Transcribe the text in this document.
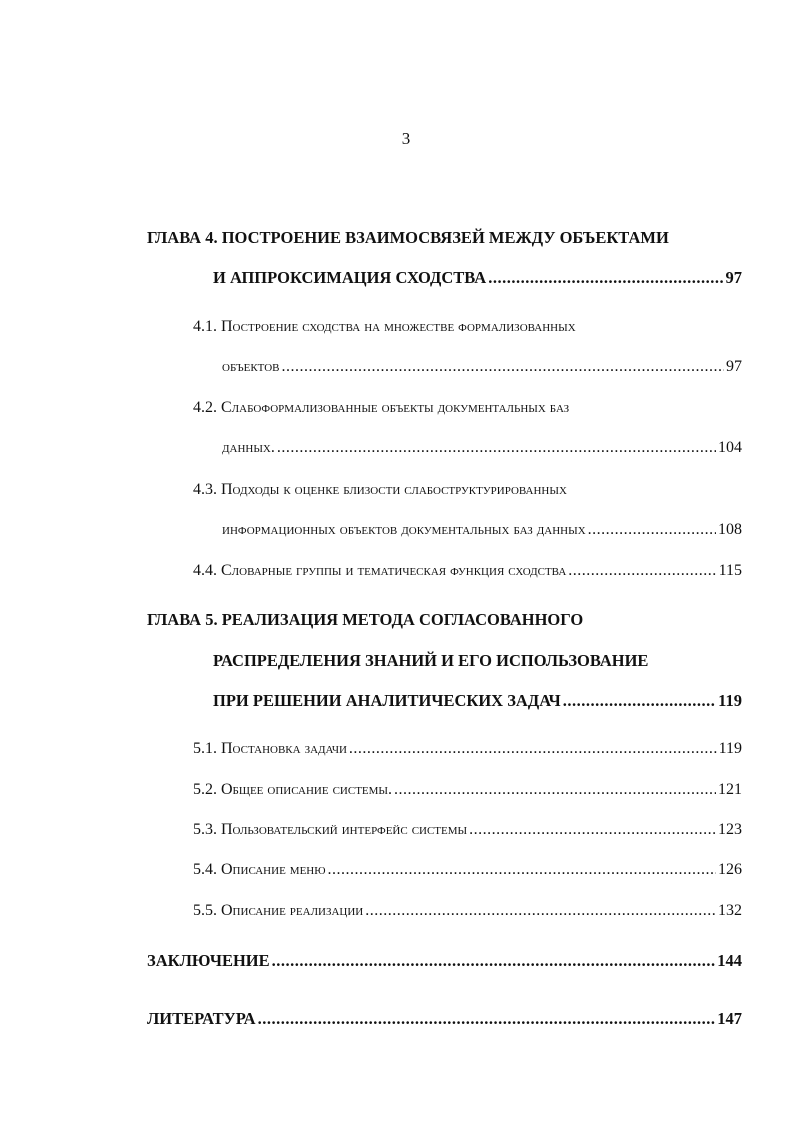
3
ГЛАВА 4. ПОСТРОЕНИЕ ВЗАИМОСВЯЗЕЙ МЕЖДУ ОБЪЕКТАМИ
И АППРОКСИМАЦИЯ СХОДСТВА .....	97
4.1. Построение сходства на множестве формализованных
объектов .....	97
4.2. Слабоформализованные объекты документальных баз
данных. .....	104
4.3. Подходы к оценке близости слабоструктурированных
информационных объектов документальных баз данных .....	108
4.4. Словарные группы и тематическая функция сходства .....	115
ГЛАВА 5. РЕАЛИЗАЦИЯ МЕТОДА СОГЛАСОВАННОГО
РАСПРЕДЕЛЕНИЯ ЗНАНИЙ И ЕГО ИСПОЛЬЗОВАНИЕ
ПРИ РЕШЕНИИ АНАЛИТИЧЕСКИХ ЗАДАЧ .....	119
5.1. Постановка задачи .....	119
5.2. Общее описание системы. .....	121
5.3. Пользовательский интерфейс системы .....	123
5.4. Описание меню .....	126
5.5. Описание реализации .....	132
ЗАКЛЮЧЕНИЕ .....	144
ЛИТЕРАТУРА .....	147
